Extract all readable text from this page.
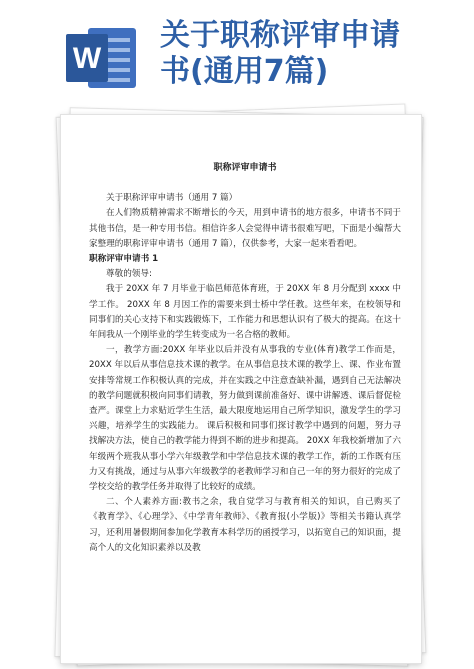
W
关于职称评审申请
书(通用7篇)
职称评审申请书

关于职称评审申请书（通用 7 篇）

在人们物质精神需求不断增长的今天，用到申请书的地方很多，申请书不同于其他书信，是一种专用书信。相信许多人会觉得申请书很难写吧，下面是小编帮大家整理的职称评审申请书（通用 7 篇），仅供参考，大家一起来看看吧。

职称评审申请书 1

尊敬的领导:

我于 20XX 年 7 月毕业于临邑师范体育班，于 20XX 年 8 月分配到 xxxx 中学工作。 20XX 年 8 月因工作的需要来到士桥中学任教。这些年来，在校领导和同事们的关心支持下和实践锻炼下，工作能力和思想认识有了极大的提高。在这十年间我从一个刚毕业的学生转变成为一名合格的教师。

一，教学方面:20XX 年毕业以后并没有从事我的专业(体育)教学工作而是，20XX 年以后从事信息技术课的教学。在从事信息技术课的教学上、课、作业布置安排等常规工作积极认真的完成，并在实践之中注意查缺补漏，遇到自己无法解决的教学问题就积极向同事们请教，努力做到课前准备好、课中讲解透、课后督促检查严。课堂上力求贴近学生生活，最大限度地运用自己所学知识，激发学生的学习兴趣，培养学生的实践能力。 课后积极和同事们探讨教学中遇到的问题，努力寻找解决方法，使自己的教学能力得到不断的进步和提高。 20XX 年我校新增加了六年级两个班我从事小学六年级教学和中学信息技术课的教学工作，新的工作既有压力又有挑战，通过与从事六年级教学的老教师学习和自己一年的努力很好的完成了学校交给的教学任务并取得了比较好的成绩。

二、个人素养方面:教书之余，我自觉学习与教育相关的知识，自己购买了《教育学》、《心理学》、《中学青年教师》、《教育报(小学版)》等相关书籍认真学习，还利用暑假期间参加化学教育本科学历的函授学习，以拓宽自己的知识面，提高个人的文化知识素养以及教
